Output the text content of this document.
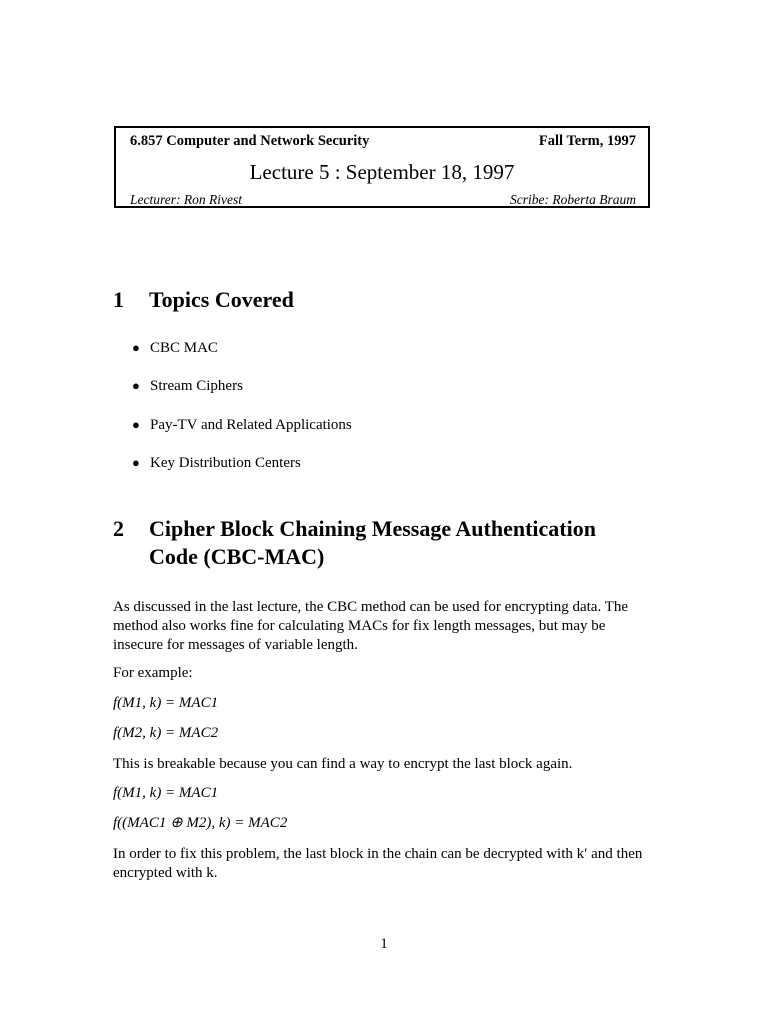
6.857 Computer and Network Security	Fall Term, 1997
Lecture 5 : September 18, 1997
Lecturer: Ron Rivest	Scribe: Roberta Braum
1 Topics Covered
● CBC MAC
● Stream Ciphers
● Pay-TV and Related Applications
● Key Distribution Centers
2 Cipher Block Chaining Message Authentication
Code (CBC-MAC)
As discussed in the last lecture, the CBC method can be used for encrypting data. The method also works fine for calculating MACs for fix length messages, but may be insecure for messages of variable length.
For example:
f(M1, k) = MAC1
f(M2, k) = MAC2
This is breakable because you can find a way to encrypt the last block again.
f(M1, k) = MAC1
f((MAC1 ⊕ M2), k) = MAC2
In order to fix this problem, the last block in the chain can be decrypted with k′ and then encrypted with k.
1
